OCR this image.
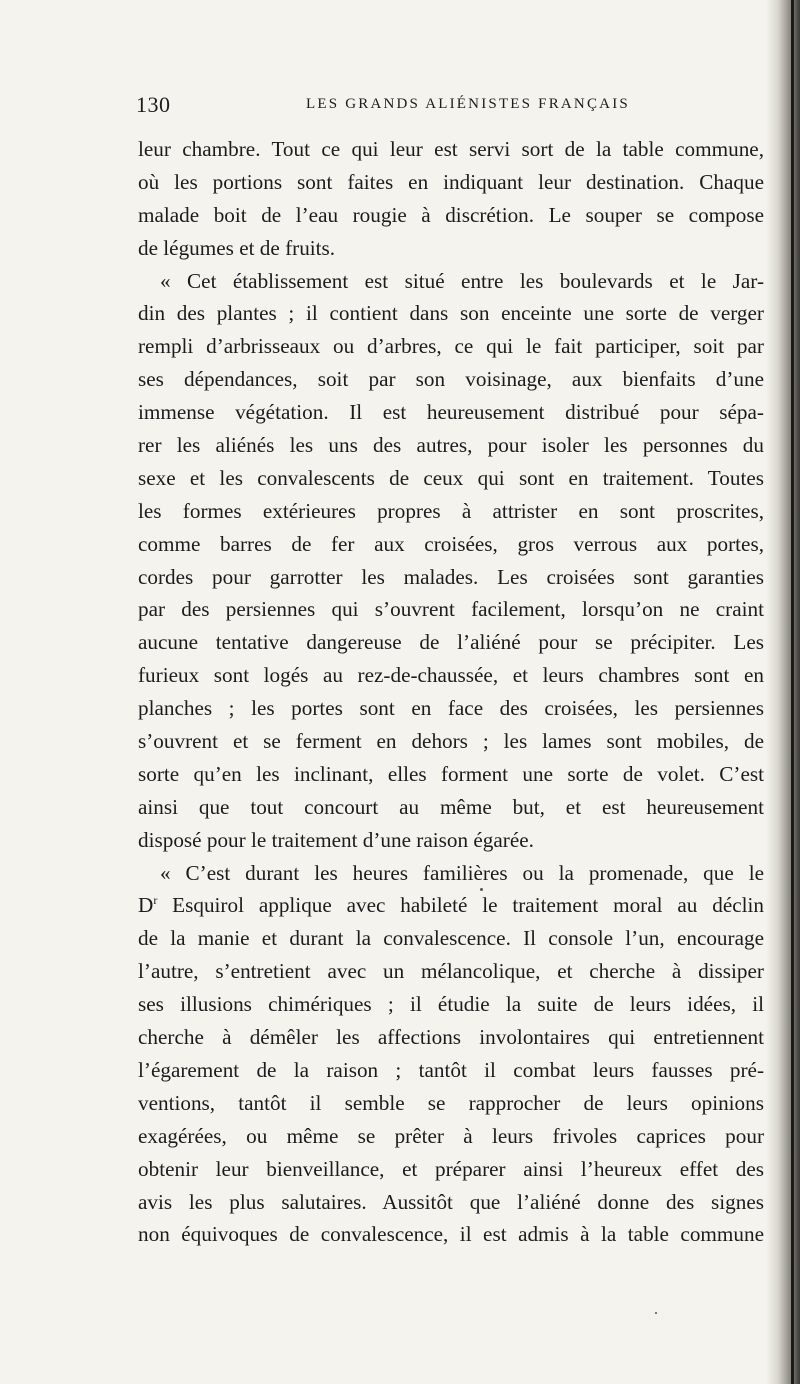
130	LES GRANDS ALIÉNISTES FRANÇAIS
leur chambre. Tout ce qui leur est servi sort de la table commune,
où les portions sont faites en indiquant leur destination. Chaque
malade boit de l’eau rougie à discrétion. Le souper se compose
de légumes et de fruits.
« Cet établissement est situé entre les boulevards et le Jar-
din des plantes ; il contient dans son enceinte une sorte de verger
rempli d’arbrisseaux ou d’arbres, ce qui le fait participer, soit par
ses dépendances, soit par son voisinage, aux bienfaits d’une
immense végétation. Il est heureusement distribué pour sépa-
rer les aliénés les uns des autres, pour isoler les personnes du
sexe et les convalescents de ceux qui sont en traitement. Toutes
les formes extérieures propres à attrister en sont proscrites,
comme barres de fer aux croisées, gros verrous aux portes,
cordes pour garrotter les malades. Les croisées sont garanties
par des persiennes qui s’ouvrent facilement, lorsqu’on ne craint
aucune tentative dangereuse de l’aliéné pour se précipiter. Les
furieux sont logés au rez-de-chaussée, et leurs chambres sont en
planches ; les portes sont en face des croisées, les persiennes
s’ouvrent et se ferment en dehors ; les lames sont mobiles, de
sorte qu’en les inclinant, elles forment une sorte de volet. C’est
ainsi que tout concourt au même but, et est heureusement
disposé pour le traitement d’une raison égarée.
« C’est durant les heures familières ou la promenade, que le
$D^r$ Esquirol applique avec habileté le traitement moral au déclin
de la manie et durant la convalescence. Il console l’un, encourage
l’autre, s’entretient avec un mélancolique, et cherche à dissiper
ses illusions chimériques ; il étudie la suite de leurs idées, il
cherche à démêler les affections involontaires qui entretiennent
l’égarement de la raison ; tantôt il combat leurs fausses pré-
ventions, tantôt il semble se rapprocher de leurs opinions
exagérées, ou même se prêter à leurs frivoles caprices pour
obtenir leur bienveillance, et préparer ainsi l’heureux effet des
avis les plus salutaires. Aussitôt que l’aliéné donne des signes
non équivoques de convalescence, il est admis à la table commune
